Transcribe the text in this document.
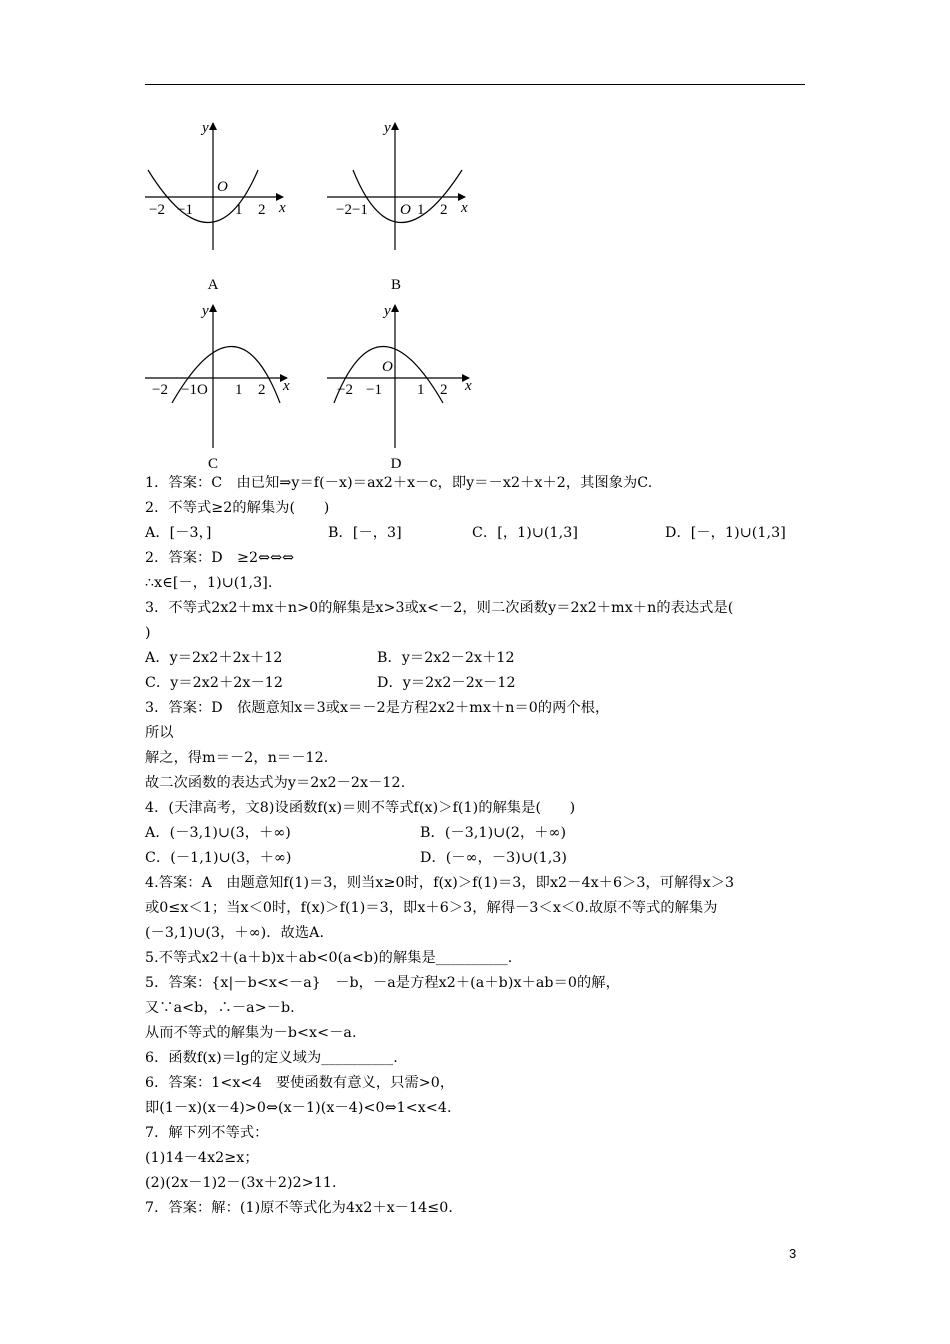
y
x
O
−2 −1	1 2
A
y
x
O
−2−1	1 2
B
y
x
−2 −1O 1 2
C
y
x
O
−2 −1 1 2
D
1．答案：C　由已知⇒y＝f(－x)＝ax2＋x－c，即y＝－x2＋x＋2，其图象为C.
2．不等式≥2的解集为(　　)
A．[－3，]	B．[－，3]	C．[，1)∪(1,3]	D．[－，1)∪(1,3]
2．答案：D　≥2⇔⇔⇔
∴x∈[－，1)∪(1,3].
3．不等式2x2＋mx＋n>0的解集是x>3或x<－2，则二次函数y＝2x2＋mx＋n的表达式是(
)
A．y＝2x2＋2x＋12	B．y＝2x2－2x＋12
C．y＝2x2＋2x－12	D．y＝2x2－2x－12
3．答案：D　依题意知x＝3或x＝－2是方程2x2＋mx＋n＝0的两个根，
所以
解之，得m＝－2，n＝－12.
故二次函数的表达式为y＝2x2－2x－12.
4．(天津高考，文8)设函数f(x)＝则不等式f(x)＞f(1)的解集是(　　)
A．(－3,1)∪(3，＋∞)	B．(－3,1)∪(2，＋∞)
C．(－1,1)∪(3，＋∞)	D．(－∞，－3)∪(1,3)
4.答案：A　由题意知f(1)＝3，则当x≥0时，f(x)＞f(1)＝3，即x2－4x＋6＞3，可解得x＞3
或0≤x＜1；当x＜0时，f(x)＞f(1)＝3，即x＋6＞3，解得－3＜x＜0.故原不等式的解集为
(－3,1)∪(3，＋∞)．故选A.
5.不等式x2＋(a＋b)x＋ab<0(a<b)的解集是__________.
5．答案：{x|－b<x<－a}　－b，－a是方程x2＋(a＋b)x＋ab＝0的解，
又∵a<b，∴－a>－b.
从而不等式的解集为－b<x<－a.
6．函数f(x)＝lg的定义域为__________.
6．答案：1<x<4　要使函数有意义，只需>0，
即(1－x)(x－4)>0⇔(x－1)(x－4)<0⇔1<x<4.
7．解下列不等式：
(1)14－4x2≥x；
(2)(2x－1)2－(3x＋2)2>11.
7．答案：解：(1)原不等式化为4x2＋x－14≤0.
3
